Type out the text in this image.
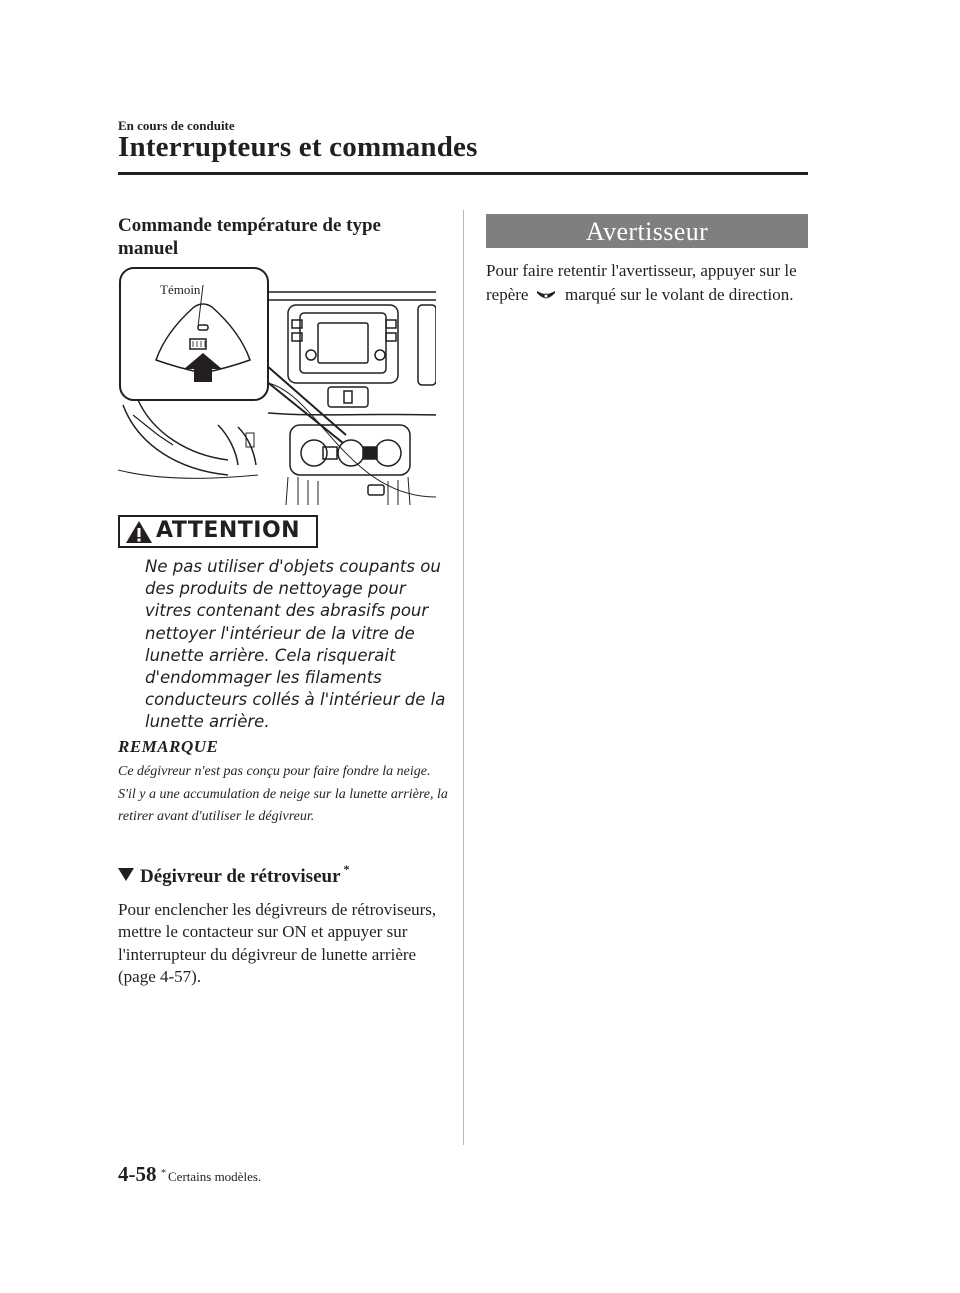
En cours de conduite
Interrupteurs et commandes
Commande température de type manuel
Témoin
ATTENTION
Ne pas utiliser d'objets coupants ou des produits de nettoyage pour vitres contenant des abrasifs pour nettoyer l'intérieur de la vitre de lunette arrière. Cela risquerait d'endommager les filaments conducteurs collés à l'intérieur de la lunette arrière.
REMARQUE
Ce dégivreur n'est pas conçu pour faire fondre la neige. S'il y a une accumulation de neige sur la lunette arrière, la retirer avant d'utiliser le dégivreur.
Dégivreur de rétroviseur *
Pour enclencher les dégivreurs de rétroviseurs, mettre le contacteur sur ON et appuyer sur l'interrupteur du dégivreur de lunette arrière (page 4-57).
Avertisseur
Pour faire retentir l'avertisseur, appuyer sur le repère marqué sur le volant de direction.
4-58 * Certains modèles.
